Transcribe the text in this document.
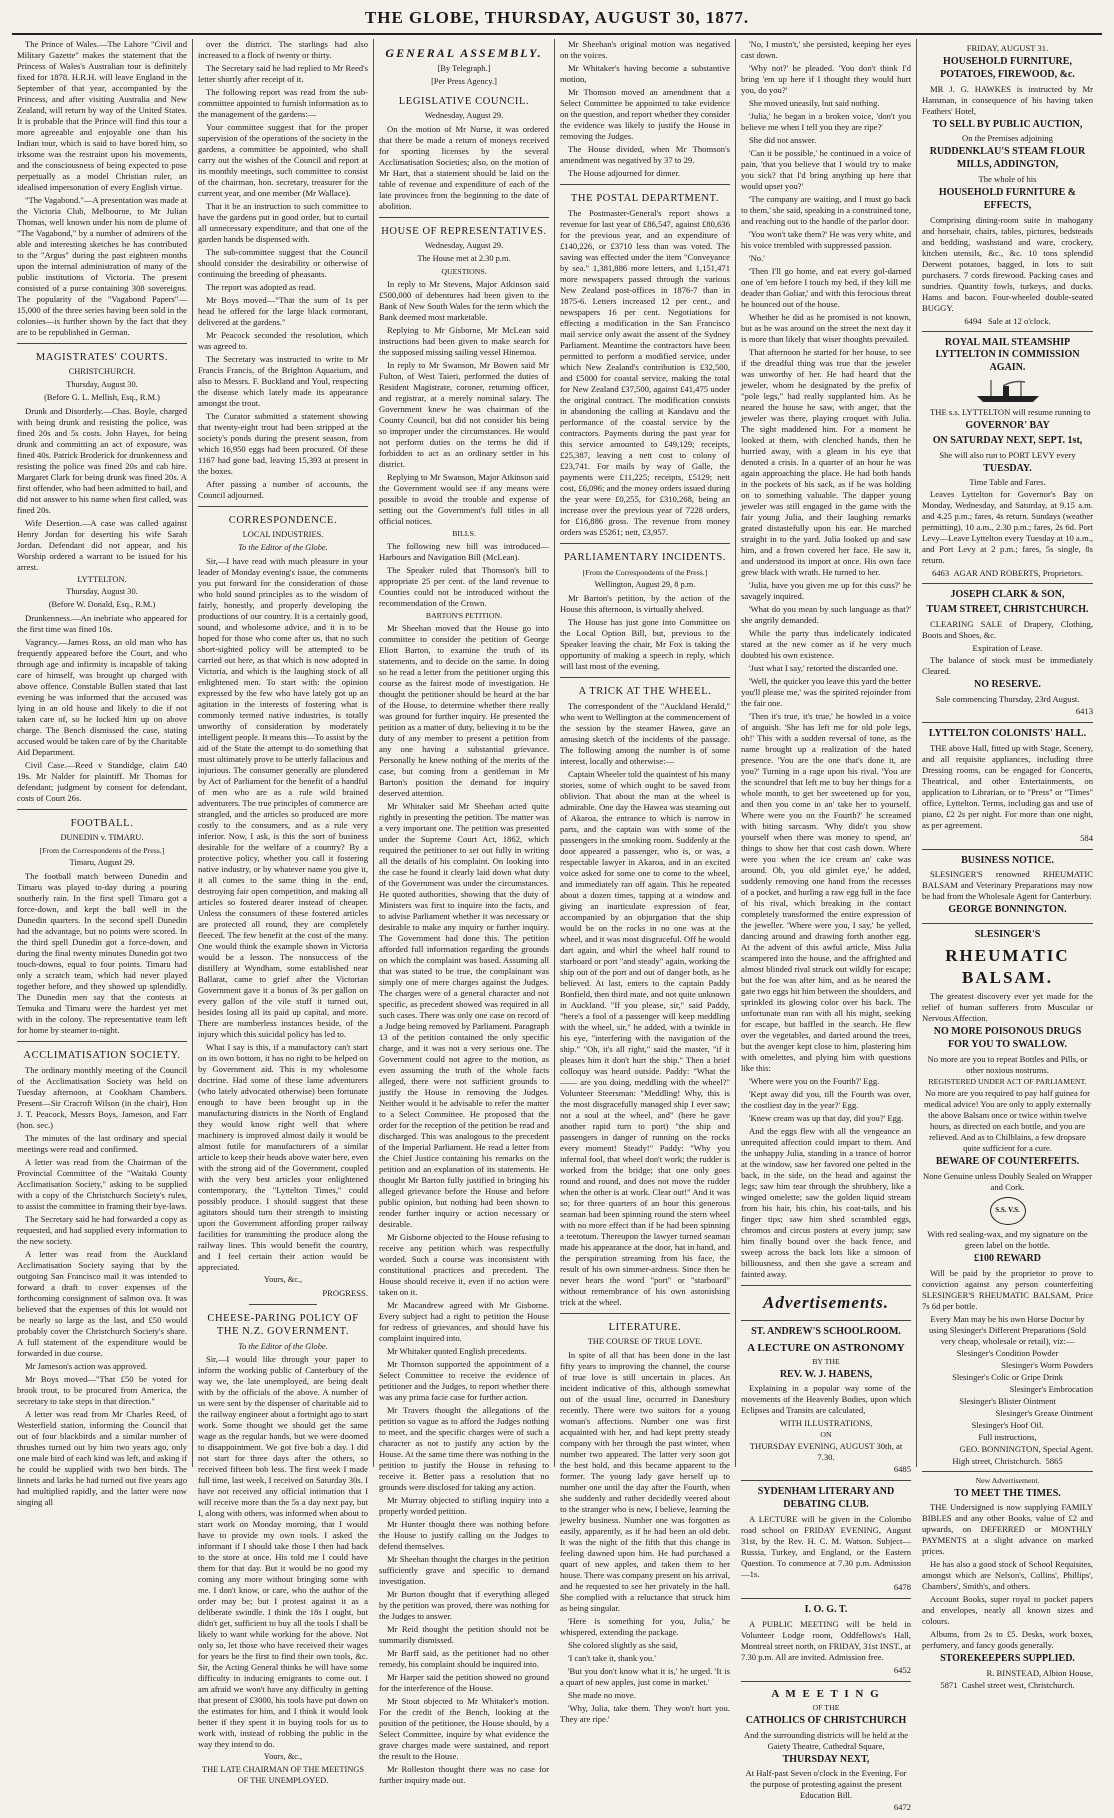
THE GLOBE, THURSDAY, AUGUST 30, 1877.

The Prince of Wales.—The Lahore "Civil and Military Gazette" makes the statement that the Princess of Wales's Australian tour is definitely fixed for 1878. H.R.H. will leave England in the September of that year, accompanied by the Princess, and after visiting Australia and New Zealand, will return by way of the United States. It is probable that the Prince will find this tour a more agreeable and enjoyable one than his Indian tour, which is said to have bored him, so irksome was the restraint upon his movements, and the consciousness of being expected to pose perpetually as a model Christian ruler, an idealised impersonation of every English virtue.

"The Vagabond."—A presentation was made at the Victoria Club, Melbourne, to Mr Julian Thomas, well known under his nom de plume of "The Vagabond," by a number of admirers of the able and interesting sketches he has contributed to the "Argus" during the past eighteen months upon the internal administration of many of the public institutions of Victoria. The present consisted of a purse containing 308 sovereigns. The popularity of the "Vagabond Papers"—15,000 of the three series having been sold in the colonies—is further shown by the fact that they are to be republished in German.

MAGISTRATES' COURTS.
CHRISTCHURCH.
Thursday, August 30.
(Before G. L. Mellish, Esq., R.M.)

Drunk and Disorderly.—Chas. Boyle, charged with being drunk and resisting the police, was fined 20s and 5s costs. John Hayes, for being drunk and committing an act of exposure, was fined 40s. Patrick Broderick for drunkenness and resisting the police was fined 20s and cab hire. Margaret Clark for being drunk was fined 20s. A first offender, who had been admitted to bail, and did not answer to his name when first called, was fined 20s.

Wife Desertion.—A case was called against Henry Jordan for deserting his wife Sarah Jordan. Defendant did not appear, and his Worship ordered a warrant to be issued for his arrest.

LYTTELTON.
Thursday, August 30.
(Before W. Donald, Esq., R.M.)

Drunkenness.—An inebriate who appeared for the first time was fined 10s.

Vagrancy.—James Ross, an old man who has frequently appeared before the Court, and who through age and infirmity is incapable of taking care of himself, was brought up charged with above offence. Constable Bullen stated that last evening he was informed that the accused was lying in an old house and likely to die if not taken care of, so he locked him up on above charge. The Bench dismissed the case, stating accused would be taken care of by the Charitable Aid Department.

Civil Case.—Reed v Standidge, claim £40 19s. Mr Nalder for plaintiff. Mr Thomas for defendant; judgment by consent for defendant, costs of Court 26s.

FOOTBALL.
DUNEDIN v. TIMARU.
[From the Correspondents of the Press.]
Timaru, August 29.

The football match between Dunedin and Timaru was played to-day during a pouring southerly rain. In the first spell Timaru got a force-down, and kept the ball well in the Dunedin quarters. In the second spell Dunedin had the advantage, but no points were scored. In the third spell Dunedin got a force-down, and during the final twenty minutes Dunedin got two touch-downs, equal to four points. Timaru had only a scratch team, which had never played together before, and they showed up splendidly. The Dunedin men say that the contests at Temuka and Timaru were the hardest yet met with in the colony. The representative team left for home by steamer to-night.

ACCLIMATISATION SOCIETY.

The ordinary monthly meeting of the Council of the Acclimatisation Society was held on Tuesday afternoon, at Cookham Chambers. Present—Sir Cracroft Wilson (in the chair), Hon J. T. Peacock, Messrs Boys, Jameson, and Farr (hon. sec.)

The minutes of the last ordinary and special meetings were read and confirmed.

A letter was read from the Chairman of the Provincial Committee of the "Waitaki County Acclimatisation Society," asking to be supplied with a copy of the Christchurch Society's rules, to assist the committee in framing their bye-laws.

The Secretary said he had forwarded a copy as requested, and had supplied every information to the new society.

A letter was read from the Auckland Acclimatisation Society saying that by the outgoing San Francisco mail it was intended to forward a draft to cover expenses of the forthcoming consignment of salmon ova. It was believed that the expenses of this lot would not be nearly so large as the last, and £50 would probably cover the Christchurch Society's share. A full statement of the expenditure would be forwarded in due course.

Mr Jameson's action was approved.

Mr Boys moved—"That £50 be voted for brook trout, to be procured from America, the secretary to take steps in that direction."

A letter was read from Mr Charles Reed, of Westerfield station, informing the Council that out of four blackbirds and a similar number of thrushes turned out by him two years ago, only one male bird of each kind was left, and asking if he could be supplied with two hen birds. The linnets and larks he had turned out five years ago had multiplied rapidly, and the latter were now singing all

over the district. The starlings had also increased to a flock of twenty or thirty.

The Secretary said he had replied to Mr Reed's letter shortly after receipt of it.

The following report was read from the sub-committee appointed to furnish information as to the management of the gardens:—

Your committee suggest that for the proper supervision of the operations of the society in the gardens, a committee be appointed, who shall carry out the wishes of the Council and report at its monthly meetings, such committee to consist of the chairman, hon. secretary, treasurer for the current year, and one member (Mr Wallace).

That it be an instruction to such committee to have the gardens put in good order, but to curtail all unnecessary expenditure, and that one of the garden hands be dispensed with.

The sub-committee suggest that the Council should consider the desirability or otherwise of continuing the breeding of pheasants.

The report was adopted as read.

Mr Boys moved—"That the sum of 1s per head be offered for the large black cormorant, delivered at the gardens."

Mr Peacock seconded the resolution, which was agreed to.

The Secretary was instructed to write to Mr Francis Francis, of the Brighton Aquarium, and also to Messrs. F. Buckland and Youl, respecting the disease which lately made its appearance amongst the trout.

The Curator submitted a statement showing that twenty-eight trout had been stripped at the society's ponds during the present season, from which 16,950 eggs had been procured. Of these 1167 had gone bad, leaving 15,393 at present in the boxes.

After passing a number of accounts, the Council adjourned.

CORRESPONDENCE.
LOCAL INDUSTRIES.
To the Editor of the Globe.

Sir,—I have read with much pleasure in your leader of Monday evening's issue, the comments you put forward for the consideration of those who hold sound principles as to the wisdom of fairly, honestly, and properly developing the productions of our country. It is a certainly good, sound, and wholesome advice, and it is to be hoped for those who come after us, that no such short-sighted policy will be attempted to be carried out here, as that which is now adopted in Victoria, and which is the laughing stock of all enlightened men. To start with: the opinion expressed by the few who have lately got up an agitation in the interests of fostering what is commonly termed native industries, is totally unworthy of consideration by moderately intelligent people. It means this—To assist by the aid of the State the attempt to do something that must ultimately prove to be utterly fallacious and injurious. The consumer generally are plundered by Act of Parliament for the benefit of a handful of men who are as a rule wild brained adventurers. The true principles of commerce are strangled, and the articles so produced are more costly to the consumers, and as a rule very inferior. Now, I ask, is this the sort of business desirable for the welfare of a country? By a protective policy, whether you call it fostering native industry, or by whatever name you give it, it all comes to the same thing in the end, destroying fair open competition, and making all articles so fostered dearer instead of cheaper. Unless the consumers of these fostered articles are protected all round, they are completely fleeced. The few benefit at the cost of the many. One would think the example shown in Victoria would be a lesson. The nonsuccess of the distillery at Wyndham, some established near Ballarat, came to grief after the Victorian Government gave it a bonus of 3s per gallon on every gallon of the vile stuff it turned out, besides losing all its paid up capital, and more. There are numberless instances beside, of the injury which this suicidal policy has led to.

What I say is this, if a manufactory can't start on its own bottom, it has no right to be helped on by Government aid. This is my wholesome doctrine. Had some of these lame adventurers (who lately advocated otherwise) been fortunate enough to have been brought up in the manufacturing districts in the North of England they would know right well that where machinery is improved almost daily it would be almost futile for manufacturers of a similar article to keep their heads above water here, even with the strong aid of the Government, coupled with the very best articles your enlightened contemporary, the "Lyttelton Times," could possibly produce. I should suggest that these agitators should turn their strength to insisting upon the Government affording proper railway facilities for transmitting the produce along the railway lines. This would benefit the country, and I feel certain their action would be appreciated.

Yours, &c.,
PROGRESS.
CHEESE-PARING POLICY OF THE N.Z. GOVERNMENT.
To the Editor of the Globe.

Sir,—I would like through your paper to inform the working public of Canterbury of the way we, the late unemployed, are being dealt with by the officials of the above. A number of us were sent by the dispenser of charitable aid to the railway engineer about a fortnight ago to start work. Some thought we should get the same wage as the regular hands, but we were doomed to disappointment. We got five bob a day. I did not start for three days after the others, so received fifteen bob less. The first week I made full time, last week, I received on Saturday 30s. I have not received any official intimation that I will receive more than the 5s a day next pay, but I, along with others, was informed when about to start work on Monday morning, that I would have to provide my own tools. I asked the informant if I should take those I then had back to the store at once. His told me I could have them for that day. But it would be no good my coming any more without bringing some with me. I don't know, or care, who the author of the order may be; but I protest against it as a deliberate swindle. I think the 18s I ought, but didn't get, sufficient to buy all the tools I shall be likely to want while working for the above. Not only so, let those who have received their wages for years be the first to find their own tools, &c. Sir, the Acting General thinks he will have some difficulty in inducing emigrants to come out. I am afraid we won't have any difficulty in getting that present of £3000, his tools have put down on the estimates for him, and I think it would look better if they spent it in buying tools for us to work with, instead of robbing the public in the way they intend to do.

Yours, &c.,
THE LATE CHAIRMAN OF THE MEETINGS OF THE UNEMPLOYED.
GENERAL ASSEMBLY.
[By Telegraph.]
[Per Press Agency.]
LEGISLATIVE COUNCIL.
Wednesday, August 29.

On the motion of Mr Nurse, it was ordered that there be made a return of moneys received for sporting licenses by the several Acclimatisation Societies; also, on the motion of Mr Hart, that a statement should be laid on the table of revenue and expenditure of each of the late provinces from the beginning to the date of abolition.

HOUSE OF REPRESENTATIVES.
Wednesday, August 29.
The House met at 2.30 p.m.
QUESTIONS.

In reply to Mr Stevens, Major Atkinson said £500,000 of debentures had been given to the Bank of New South Wales for the term which the Bank deemed most marketable.

Replying to Mr Gisborne, Mr McLean said instructions had been given to make search for the supposed missing sailing vessel Hinemoa.

In reply to Mr Swanson, Mr Bowen said Mr Fulton, of West Taieri, performed the duties of Resident Magistrate, coroner, returning officer, and registrar, at a merely nominal salary. The Government knew he was chairman of the County Council, but did not consider his being so improper under the circumstances. He would not perform duties on the terms he did if forbidden to act as an ordinary settler in his district.

Replying to Mr Swanson, Major Atkinson said the Government would see if any means were possible to avoid the trouble and expense of setting out the Government's full titles in all official notices.

BILLS.

The following new bill was introduced—Harbours and Navigation Bill (McLean).

The Speaker ruled that Thomson's bill to appropriate 25 per cent. of the land revenue to Counties could not be introduced without the recommendation of the Crown.

BARTON'S PETITION.

Mr Sheehan moved that the House go into committee to consider the petition of George Eliott Barton, to examine the truth of its statements, and to decide on the same. In doing so he read a letter from the petitioner urging this course as the fairest mode of investigation. He thought the petitioner should be heard at the bar of the House, to determine whether there really was ground for further inquiry. He presented the petition as a matter of duty, believing it to be the duty of any member to present a petition from any one having a substantial grievance. Personally he knew nothing of the merits of the case, but coming from a gentleman in Mr Barton's position the demand for inquiry deserved attention.

Mr Whitaker said Mr Sheehan acted quite rightly in presenting the petition. The matter was a very important one. The petition was presented under the Supreme Court Act, 1862, which required the petitioner to set out fully in writing all the details of his complaint. On looking into the case he found it clearly laid down what duty of the Government was under the circumstances. He quoted authorities, showing that the duty of Ministers was first to inquire into the facts, and to advise Parliament whether it was necessary or desirable to make any inquiry or further inquiry. The Government had done this. The petition afforded full information regarding the grounds on which the complaint was based. Assuming all that was stated to be true, the complainant was simply one of mere charges against the Judges. The charges were of a general character and not specific, as precedent showed was required in all such cases. There was only one case on record of a Judge being removed by Parliament. Paragraph 13 of the petition contained the only specific charge, and it was not a very serious one. The Government could not agree to the motion, as even assuming the truth of the whole facts alleged, there were not sufficient grounds to justify the House in removing the Judges. Neither would it be advisable to refer the matter to a Select Committee. He proposed that the order for the reception of the petition be read and discharged. This was analogous to the precedent of the Imperial Parliament. He read a letter from the Chief Justice containing his remarks on the petition and an explanation of its statements. He thought Mr Barton fully justified in bringing his alleged grievance before the House and before public opinion, but nothing had been shown to render further inquiry or action necessary or desirable.

Mr Gisborne objected to the House refusing to receive any petition which was respectfully worded. Such a course was inconsistent with constitutional practices and precedent. The House should receive it, even if no action were taken on it.

Mr Macandrew agreed with Mr Gisborne. Every subject had a right to petition the House for redress of grievances, and should have his complaint inquired into.

Mr Whitaker quoted English precedents.

Mr Thomson supported the appointment of a Select Committee to receive the evidence of petitioner and the Judges, to report whether there was any prima facie case for further action.

Mr Travers thought the allegations of the petition so vague as to afford the Judges nothing to meet, and the specific charges were of such a character as not to justify any action by the House. At the same time there was nothing in the petition to justify the House in refusing to receive it. Better pass a resolution that no grounds were disclosed for taking any action.

Mr Murray objected to stifling inquiry into a properly worded petition.

Mr Hunter thought there was nothing before the House to justify calling on the Judges to defend themselves.

Mr Sheehan thought the charges in the petition sufficiently grave and specific to demand investigation.

Mr Burton thought that if everything alleged by the petition was proved, there was nothing for the Judges to answer.

Mr Reid thought the petition should not be summarily dismissed.

Mr Barff said, as the petitioner had no other remedy, his complaint should be inquired into.

Mr Harper said the petition showed no ground for the interference of the House.

Mr Stout objected to Mr Whitaker's motion. For the credit of the Bench, looking at the position of the petitioner, the House should, by a Select Committee, inquire by what evidence the grave charges made were sustained, and report the result to the House.

Mr Rolleston thought there was no case for further inquiry made out.

Mr Sheehan's original motion was negatived on the voices.

Mr Whitaker's having become a substantive motion,

Mr Thomson moved an amendment that a Select Committee be appointed to take evidence on the question, and report whether they consider the evidence was likely to justify the House in removing the Judges.

The House divided, when Mr Thomson's amendment was negatived by 37 to 29.

The House adjourned for dinner.

THE POSTAL DEPARTMENT.

The Postmaster-General's report shows a revenue for last year of £86,547, against £80,636 for the previous year, and an expenditure of £140,226, or £3710 less than was voted. The saving was effected under the item "Conveyance by sea." 1,381,886 more letters, and 1,151,471 more newspapers passed through the various New Zealand post-offices in 1876-7 than in 1875-6. Letters increased 12 per cent., and newspapers 16 per cent. Negotiations for effecting a modification in the San Francisco mail service only await the assent of the Sydney Parliament. Meantime the contractors have been permitted to perform a modified service, under which New Zealand's contribution is £32,500, and £5000 for coastal service, making the total for New Zealand £37,500, against £41,475 under the original contract. The modification consists in abandoning the calling at Kandavu and the performance of the coastal service by the contractors. Payments during the past year for this service amounted to £49,129; receipts, £25,387, leaving a nett cost to colony of £23,741. For mails by way of Galle, the payments were £11,225; receipts, £5129; nett cost, £6,096; and the money orders issued during the year were £0,255, for £310,268, being an increase over the previous year of 7228 orders, for £16,886 gross. The revenue from money orders was £5261; nett, £3,957.

PARLIAMENTARY INCIDENTS.
[From the Correspondents of the Press.]
Wellington, August 29, 8 p.m.

Mr Barton's petition, by the action of the House this afternoon, is virtually shelved.

The House has just gone into Committee on the Local Option Bill, but, previous to the Speaker leaving the chair, Mr Fox is taking the opportunity of making a speech in reply, which will last most of the evening.

A TRICK AT THE WHEEL.

The correspondent of the "Auckland Herald," who went to Wellington at the commencement of the session by the steamer Hawea, gave an amusing sketch of the incidents of the passage. The following among the number is of some interest, locally and otherwise:—

Captain Wheeler told the quaintest of his many stories, some of which ought to be saved from oblivion. That about the man at the wheel is admirable. One day the Hawea was steaming out of Akaroa, the entrance to which is narrow in parts, and the captain was with some of the passengers in the smoking room. Suddenly at the door appeared a passenger, who is, or was, a respectable lawyer in Akaroa, and in an excited voice asked for some one to come to the wheel, and immediately ran off again. This he repeated about a dozen times, tapping at a window and giving an inarticulate expression of fear, accompanied by an objurgation that the ship would be on the rocks in no one was at the wheel, and it was most disgraceful. Off he would dart again, and whirl the wheel half round to starboard or port "and steady" again, working the ship out of the port and out of danger both, as he believed. At last, enters to the captain Paddy Bonfield, then third mate, and not quite unknown in Auckland. "If you please, sir," said Paddy, "here's a fool of a passenger will keep meddling with the wheel, sir," he added, with a twinkle in his eye, "interfering with the navigation of the ship." "Oh, it's all right," said the master, "if it pleases him it don't hurt the ship." Then a brief colloquy was heard outside. Paddy: "What the —— are you doing, meddling with the wheel?" Volunteer Steersman: "Meddling! Why, this is the most disgracefully managed ship I ever saw; not a soul at the wheel, and" (here he gave another rapid turn to port) "the ship and passengers in danger of running on the rocks every moment! Steady!" Paddy: "Why you infernal fool, that wheel don't work; the rudder is worked from the bridge; that one only goes round and round, and does not move the rudder when the other is at work. Clear out!" And it was so; for three quarters of an hour this generous seaman had been spinning round the stern wheel with no more effect than if he had been spinning a teetotum. Thereupon the lawyer turned seaman made his appearance at the door, hat in hand, and the perspiration streaming from his face, the result of his own simmer-ardness. Since then he never hears the word "port" or "starboard" without remembrance of his own astonishing trick at the wheel.

LITERATURE.
THE COURSE OF TRUE LOVE.

In spite of all that has been done in the last fifty years to improving the channel, the course of true love is still uncertain in places. An incident indicative of this, although somewhat out of the usual line, occurred in Danesbury recently. There were two suitors for a young woman's affections. Number one was first acquainted with her, and had kept pretty steady company with her through the past winter, when number two appeared. The latter very soon got the best hold, and this became apparent to the former. The young lady gave herself up to number one until the day after the Fourth, when she suddenly and rather decidedly veered about to the stranger who is new, I believe, learning the jewelry business. Number one was forgotten as easily, apparently, as if he had been an old debt. It was the night of the fifth that this change in feeling dawned upon him. He had purchased a quart of new apples, and taken them to her house. There was company present on his arrival, and he requested to see her privately in the hall. She complied with a reluctance that struck him as being singular.

'Here is something for you, Julia,' he whispered, extending the package.

She colored slightly as she said,

'I can't take it, thank you.'

'But you don't know what it is,' he urged. 'It is a quart of new apples, just come in market.'

She made no move.

'Why, Julia, take them. They won't hurt you. They are ripe.'

'No, I mustn't,' she persisted, keeping her eyes cast down.

'Why not?' he pleaded. 'You don't think I'd bring 'em up here if I thought they would hurt you, do you?'

She moved uneasily, but said nothing.

'Julia,' he began in a broken voice, 'don't you believe me when I tell you they are ripe?'

She did not answer.

'Can it be possible,' he continued in a voice of pain, 'that you believe that I would try to make you sick? that I'd bring anything up here that would upset you?'

'The company are waiting, and I must go back to them,' she said, speaking in a constrained tone, and reaching out to the handle of the parlor door.

'You won't take them?' He was very white, and his voice trembled with suppressed passion.

'No.'

'Then I'll go home, and eat every gol-darned one of 'em before I touch my bed, if they kill me deader than Goliar,' and with this ferocious threat he bounced out of the house.

Whether he did as he promised is not known, but as he was around on the street the next day it is more than likely that wiser thoughts prevailed.

That afternoon he started for her house, to see if the dreadful thing was true that the jeweler was unworthy of her. He had heard that the jeweler, whom he designated by the prefix of "pole legs," had really supplanted him. As he neared the house he saw, with anger, that the jeweler was there, playing croquet with Julia. The sight maddened him. For a moment he looked at them, with clenched hands, then he hurried away, with a gleam in his eye that denoted a crisis. In a quarter of an hour he was again approaching the place. He had both hands in the pockets of his sack, as if he was holding on to something valuable. The dapper young jeweler was still engaged in the game with the fair young Julia, and their laughing remarks grated distastefully upon his ear. He marched straight in to the yard. Julia looked up and saw him, and a frown covered her face. He saw it, and understood its import at once. His own face grew black with wrath. He turned to her.

'Julia, have you given me up for this cuss?' he savagely inquired.

'What do you mean by such language as that?' she angrily demanded.

While the party thus indelicately indicated stared at the new comer as if he very much doubted his own existence.

'Just what I say,' retorted the discarded one.

'Well, the quicker you leave this yard the better you'll please me,' was the spirited rejoinder from the fair one.

'Then it's true, it's true,' he howled in a voice of anguish. 'She has left me for old pole legs, oh!' This with a sudden reversal of tone, as the name brought up a realization of the hated presence. 'You are the one that's done it, are you?' Turning in a rage upon his rival. 'You are the scoundrel that left me to buy her things for a whole month, to get her sweetened up for you, and then you come in an' take her to yourself. Where were you on the Fourth?' he screamed with biting sarcasm. 'Why didn't you show yourself when there was money to spend, an' things to show her that cost cash down. Where were you when the ice cream an' cake was around. Oh, you old gimlet eye,' he added, suddenly removing one hand from the recesses of a pocket, and hurling a raw egg full in the face of his rival, which breaking in the contact completely transformed the entire expression of the jeweller. 'Where were you, I say,' he yelled, dancing around and drawing forth another egg. At the advent of this awful article, Miss Julia scampered into the house, and the affrighted and almost blinded rival struck out wildly for escape; but the foe was after him, and as he neared the gate two eggs hit him between the shoulders, and sprinkled its glowing color over his back. The unfortunate man ran with all his might, seeking for escape, but baffled in the search. He flew over the vegetables, and darted around the trees, but the avenger kept close to him, plastering him with omelettes, and plying him with questions like this:

'Where were you on the Fourth?' Egg.

'Kept away did you, till the Fourth was over, the costliest day in the year?' Egg.

'Knew cream was up that day, did you?' Egg.

And the eggs flew with all the vengeance an unrequited affection could impart to them. And the unhappy Julia, standing in a trance of horror at the window, saw her favored one pelted in the back, in the side, on the head and against the legs; saw him tear through the shrubbery, like a winged omelette; saw the golden liquid stream from his hair, his chin, his coat-tails, and his finger tips; saw him shed scrambled eggs, chromos and circus posters at every jump; saw him finally bound over the back fence, and sweep across the back lots like a simoon of billiousness, and then she gave a scream and fainted away.

Advertisements.
ST. ANDREW'S SCHOOLROOM.
A LECTURE ON ASTRONOMY
BY THE
REV. W. J. HABENS,

Explaining in a popular way some of the movements of the Heavenly Bodies, upon which Eclipses and Transits are calculated,

WITH ILLUSTRATIONS,
ON
THURSDAY EVENING, AUGUST 30th, at 7.30.
6485
SYDENHAM LITERARY AND DEBATING CLUB.

A LECTURE will be given in the Colombo road school on FRIDAY EVENING, August 31st, by the Rev. H. C. M. Watson. Subject—Russia, Turkey, and England, or the Eastern Question. To commence at 7.30 p.m. Admission—1s.

6478
I. O. G. T.

A PUBLIC MEETING will be held in Volunteer Lodge room, Oddfellows's Hall, Montreal street north, on FRIDAY, 31st INST., at 7.30 p.m. All are invited. Admission free.

6452
A M E E T I N G
OF THE
CATHOLICS OF CHRISTCHURCH
And the surrounding districts will be held at the Gaiety Theatre, Cathedral Square,
THURSDAY NEXT,
At Half-past Seven o'clock in the Evening. For the purpose of protesting against the present Education Bill.
6472
FRIDAY, AUGUST 31.
HOUSEHOLD FURNITURE, POTATOES, FIREWOOD, &c.

MR J. G. HAWKES is instructed by Mr Hansman, in consequence of his having taken Feathers' Hotel,

TO SELL BY PUBLIC AUCTION,
On the Premises adjoining
RUDDENKLAU'S STEAM FLOUR MILLS, ADDINGTON,
The whole of his
HOUSEHOLD FURNITURE & EFFECTS,

Comprising dining-room suite in mahogany and horsehair, chairs, tables, pictures, bedsteads and bedding, washstand and ware, crockery, kitchen utensils, &c., &c. 10 tons splendid Derwent potatoes, bagged, in lots to suit purchasers. 7 cords firewood. Packing cases and sundries. Quantity fowls, turkeys, and ducks. Hams and bacon. Four-wheeled double-seated BUGGY.

6494 Sale at 12 o'clock.
ROYAL MAIL STEAMSHIP LYTTELTON IN COMMISSION AGAIN.

THE s.s. LYTTELTON will resume running to

GOVERNOR' BAY
ON SATURDAY NEXT, SEPT. 1st,
She will also run to PORT LEVY every
TUESDAY.
Time Table and Fares.

Leaves Lyttelton for Governor's Bay on Monday, Wednesday, and Saturday, at 9.15 a.m. and 4.25 p.m.; fares, 4s return. Sundays (weather permitting), 10 a.m., 2.30 p.m.; fares, 2s 6d. Port Levy—Leave Lyttelton every Tuesday at 10 a.m., and Port Levy at 2 p.m.; fares, 5s single, 8s return.

6463 AGAR AND ROBERTS, Proprietors.
JOSEPH CLARK & SON,
TUAM STREET, CHRISTCHURCH.

CLEARING SALE of Drapery, Clothing, Boots and Shoes, &c.

Expiration of Lease.

The balance of stock must be immediately Cleared.

NO RESERVE.
Sale commencing Thursday, 23rd August.
6413
LYTTELTON COLONISTS' HALL.

THE above Hall, fitted up with Stage, Scenery, and all requisite appliances, including three Dressing rooms, can be engaged for Concerts, Theatrical, and other Entertainments, on application to Librarian, or to "Press" or "Times" office, Lyttelton. Terms, including gas and use of piano, £2 2s per night. For more than one night, as per agreement.

584
BUSINESS NOTICE.

SLESINGER'S renowned RHEUMATIC BALSAM and Veterinary Preparations may now be had from the Wholesale Agent for Canterbury.

GEORGE BONNINGTON.
SLESINGER'S
RHEUMATIC BALSAM.

The greatest discovery ever yet made for the relief of human sufferers from Muscular or Nervous Affection.

NO MORE POISONOUS DRUGS FOR YOU TO SWALLOW.
No more are you to repeat Bottles and Pills, or other noxious nostrums.
REGISTERED UNDER ACT OF PARLIAMENT.
No more are you required to pay half guinea for medical advice! You are only to apply externally the above Balsam once or twice within twelve hours, as directed on each bottle, and you are relieved. And as to Chilblains, a few dropsare quite sufficient for a cure.
BEWARE OF COUNTERFEITS.
None Genuine unless Doubly Sealed on Wrapper and Cork.
S.S. V.S.
With red sealing-wax, and my signature on the green label on the bottle.
£100 REWARD

Will be paid by the proprietor to prove to conviction against any person counterfeiting SLESINGER'S RHEUMATIC BALSAM, Price 7s 6d per bottle.

Every Man may be his own Horse Doctor by using Slesinger's Different Preparations (Sold very cheap, wholesale or retail), viz:—
Slesinger's Condition Powder
Slesinger's Worm Powders
Slesinger's Colic or Gripe Drink
Slesinger's Embrocation
Slesinger's Blister Ointment
Slesinger's Grease Ointment
Slesinger's Hoof Oil.
Full instructions,
GEO. BONNINGTON, Special Agent.
High street, Christchurch. 5865
New Advertisement.
TO MEET THE TIMES.

THE Undersigned is now supplying FAMILY BIBLES and any other Books, value of £2 and upwards, on DEFERRED or MONTHLY PAYMENTS at a slight advance on marked prices.

He has also a good stock of School Requisites, amongst which are Nelson's, Collins', Phillips', Chambers', Smith's, and others.

Account Books, super royal to pocket papers and envelopes, nearly all known sizes and colours.

Albums, from 2s to £5. Desks, work boxes, perfumery, and fancy goods generally.

STOREKEEPERS SUPPLIED.
R. BINSTEAD, Albion House,
5871 Cashel street west, Christchurch.
